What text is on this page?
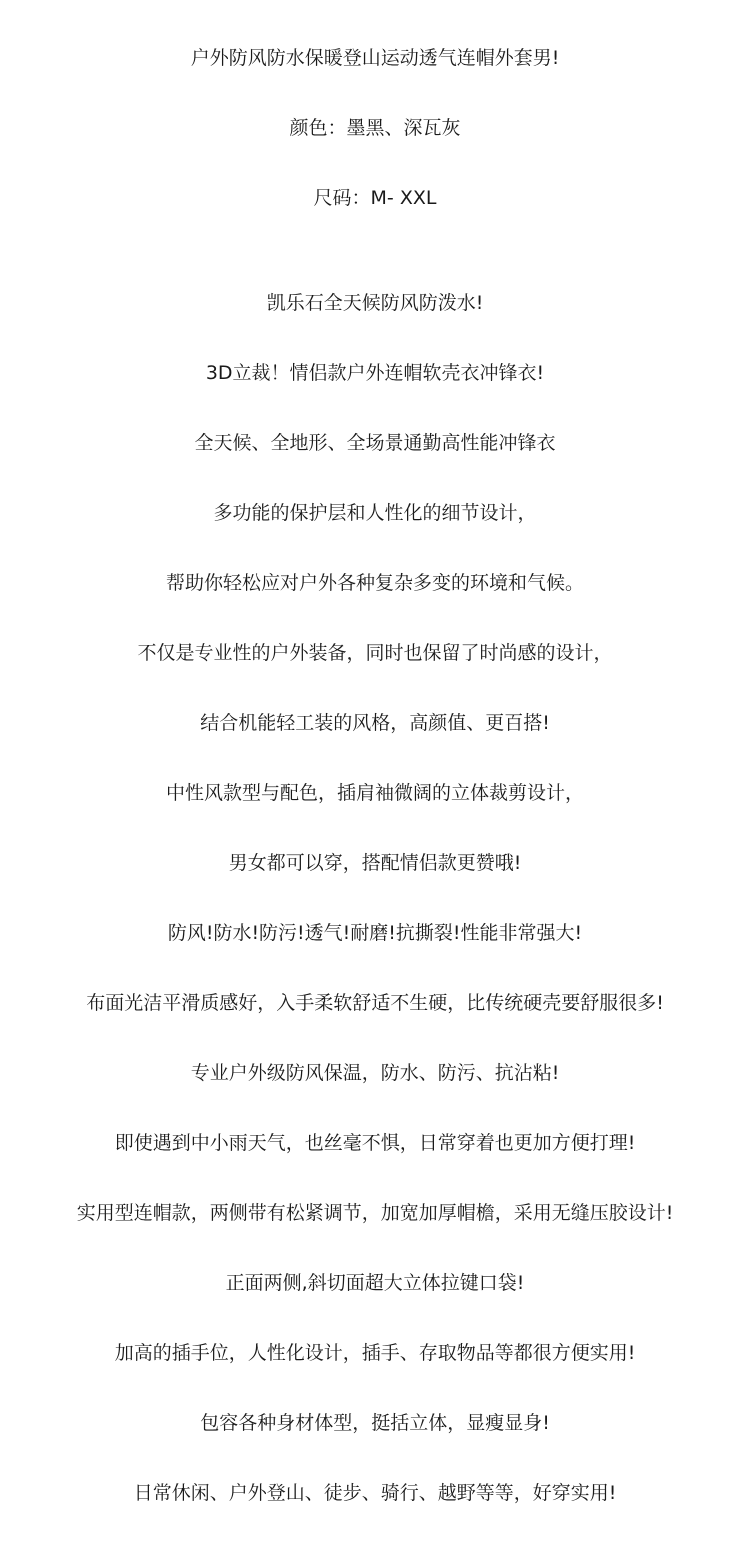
户外防风防水保暖登山运动透气连帽外套男!
颜色：墨黑、深瓦灰
尺码：M- XXL
凯乐石全天候防风防泼水!
3D立裁！情侣款户外连帽软壳衣冲锋衣!
全天候、全地形、全场景通勤高性能冲锋衣
多功能的保护层和人性化的细节设计，
帮助你轻松应对户外各种复杂多变的环境和气候。
不仅是专业性的户外装备，同时也保留了时尚感的设计，
结合机能轻工装的风格，高颜值、更百搭!
中性风款型与配色，插肩袖微阔的立体裁剪设计，
男女都可以穿，搭配情侣款更赞哦!
防风!防水!防污!透气!耐磨!抗撕裂!性能非常强大!
布面光洁平滑质感好，入手柔软舒适不生硬，比传统硬壳要舒服很多!
专业户外级防风保温，防水、防污、抗沾粘!
即使遇到中小雨天气，也丝毫不惧，日常穿着也更加方便打理!
实用型连帽款，两侧带有松紧调节，加宽加厚帽檐，采用无缝压胶设计!
正面两侧,斜切面超大立体拉键口袋!
加高的插手位，人性化设计，插手、存取物品等都很方便实用!
包容各种身材体型，挺括立体，显瘦显身!
日常休闲、户外登山、徒步、骑行、越野等等，好穿实用!
